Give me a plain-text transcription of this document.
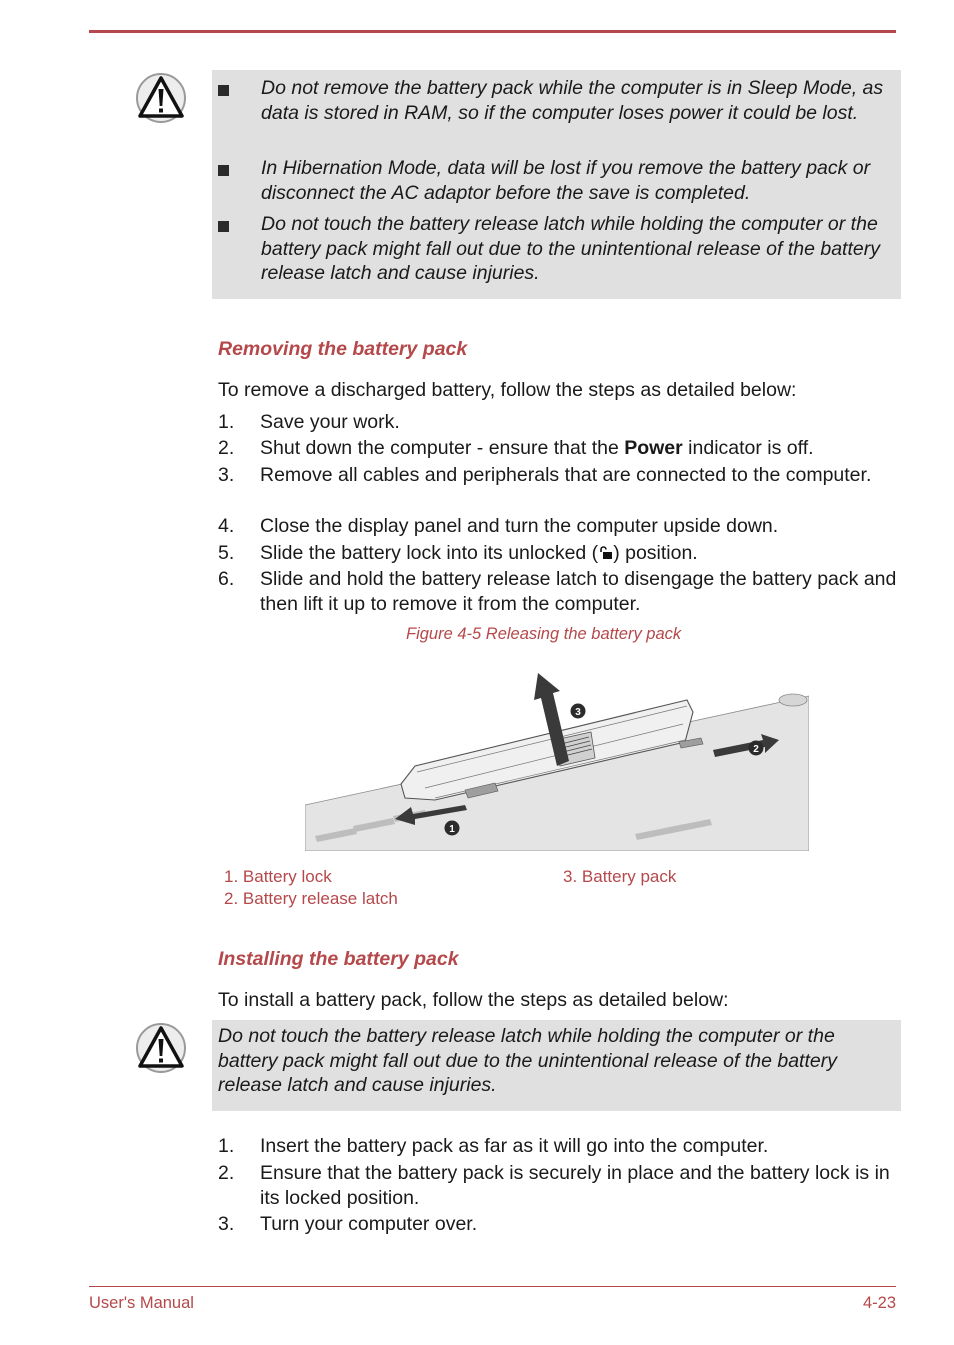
Do not remove the battery pack while the computer is in Sleep Mode, as data is stored in RAM, so if the computer loses power it could be lost.
In Hibernation Mode, data will be lost if you remove the battery pack or disconnect the AC adaptor before the save is completed.
Do not touch the battery release latch while holding the computer or the battery pack might fall out due to the unintentional release of the battery release latch and cause injuries.
Removing the battery pack
To remove a discharged battery, follow the steps as detailed below:
1. Save your work.
2. Shut down the computer - ensure that the Power indicator is off.
3. Remove all cables and peripherals that are connected to the computer.
4. Close the display panel and turn the computer upside down.
5. Slide the battery lock into its unlocked ( ) position.
6. Slide and hold the battery release latch to disengage the battery pack and then lift it up to remove it from the computer.
Figure 4-5 Releasing the battery pack
1
2
3
1. Battery lock
2. Battery release latch
3. Battery pack
Installing the battery pack
To install a battery pack, follow the steps as detailed below:
Do not touch the battery release latch while holding the computer or the battery pack might fall out due to the unintentional release of the battery release latch and cause injuries.
1. Insert the battery pack as far as it will go into the computer.
2. Ensure that the battery pack is securely in place and the battery lock is in its locked position.
3. Turn your computer over.
User's Manual	4-23
